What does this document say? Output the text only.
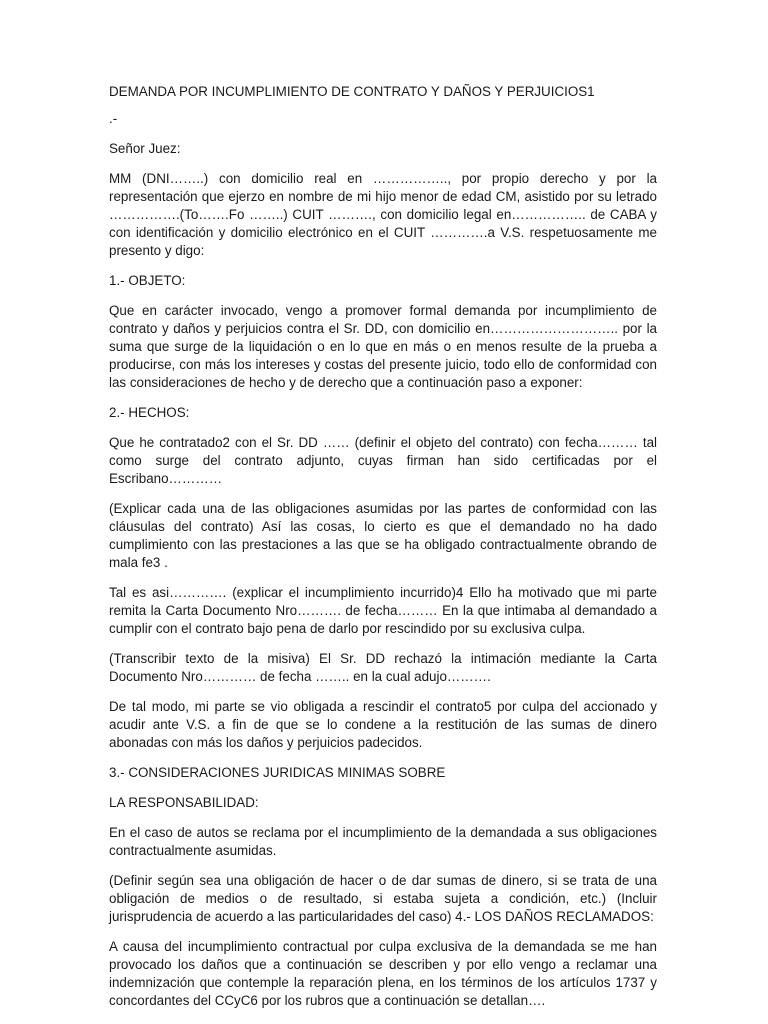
DEMANDA POR INCUMPLIMIENTO DE CONTRATO Y DAÑOS Y PERJUICIOS1
.-
Señor Juez:
MM (DNI……..) con domicilio real en …………….., por propio derecho y por la representación que ejerzo en nombre de mi hijo menor de edad CM, asistido por su letrado …………….(To…….Fo ……..) CUIT ………., con domicilio legal en…………….. de CABA y con identificación y domicilio electrónico en el CUIT ………….a V.S. respetuosamente me presento y digo:
1.- OBJETO:
Que en carácter invocado, vengo a promover formal demanda por incumplimiento de contrato y daños y perjuicios contra el Sr. DD, con domicilio en……………………….. por la suma que surge de la liquidación o en lo que en más o en menos resulte de la prueba a producirse, con más los intereses y costas del presente juicio, todo ello de conformidad con las consideraciones de hecho y de derecho que a continuación paso a exponer:
2.- HECHOS:
Que he contratado2 con el Sr. DD …… (definir el objeto del contrato) con fecha……… tal como surge del contrato adjunto, cuyas firman han sido certificadas por el Escribano…………
(Explicar cada una de las obligaciones asumidas por las partes de conformidad con las cláusulas del contrato) Así las cosas, lo cierto es que el demandado no ha dado cumplimiento con las prestaciones a las que se ha obligado contractualmente obrando de mala fe3 .
Tal es asi…………. (explicar el incumplimiento incurrido)4 Ello ha motivado que mi parte remita la Carta Documento Nro………. de fecha……… En la que intimaba al demandado a cumplir con el contrato bajo pena de darlo por rescindido por su exclusiva culpa.
(Transcribir texto de la misiva) El Sr. DD rechazó la intimación mediante la Carta Documento Nro………… de fecha …….. en la cual adujo……….
De tal modo, mi parte se vio obligada a rescindir el contrato5 por culpa del accionado y acudir ante V.S. a fin de que se lo condene a la restitución de las sumas de dinero abonadas con más los daños y perjuicios padecidos.
3.- CONSIDERACIONES JURIDICAS MINIMAS SOBRE
LA RESPONSABILIDAD:
En el caso de autos se reclama por el incumplimiento de la demandada a sus obligaciones contractualmente asumidas.
(Definir según sea una obligación de hacer o de dar sumas de dinero, si se trata de una obligación de medios o de resultado, si estaba sujeta a condición, etc.) (Incluir jurisprudencia de acuerdo a las particularidades del caso) 4.- LOS DAÑOS RECLAMADOS:
A causa del incumplimiento contractual por culpa exclusiva de la demandada se me han provocado los daños que a continuación se describen y por ello vengo a reclamar una indemnización que contemple la reparación plena, en los términos de los artículos 1737 y concordantes del CCyC6 por los rubros que a continuación se detallan….
